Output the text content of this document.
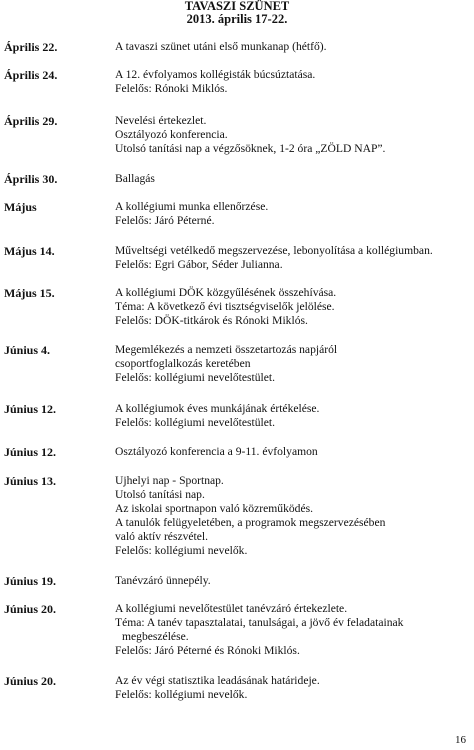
TAVASZI SZÜNET
2013. április 17-22.
Április 22.	A tavaszi szünet utáni első munkanap (hétfő).
Április 24.	A 12. évfolyamos kollégisták búcsúztatása.
Felelős: Rónoki Miklós.
Április 29.	Nevelési értekezlet.
Osztályozó konferencia.
Utolsó tanítási nap a végzősöknek, 1-2 óra „ZÖLD NAP”.
Április 30.	Ballagás
Május	A kollégiumi munka ellenőrzése.
Felelős: Járó Péterné.
Május 14.	Műveltségi vetélkedő megszervezése, lebonyolítása a kollégiumban.
Felelős: Egri Gábor, Séder Julianna.
Május 15.	A kollégiumi DÖK közgyűlésének összehívása.
Téma: A következő évi tisztségviselők jelölése.
Felelős: DÖK-titkárok és Rónoki Miklós.
Június 4.	Megemlékezés a nemzeti összetartozás napjáról
csoportfoglalkozás keretében
Felelős: kollégiumi nevelőtestület.
Június 12.	A kollégiumok éves munkájának értékelése.
Felelős: kollégiumi nevelőtestület.
Június 12.	Osztályozó konferencia a 9-11. évfolyamon
Június 13.	Ujhelyi nap - Sportnap.
Utolsó tanítási nap.
Az iskolai sportnapon való közreműködés.
A tanulók felügyeletében, a programok megszervezésében
való aktív részvétel.
Felelős: kollégiumi nevelők.
Június 19.	Tanévzáró ünnepély.
Június 20.	A kollégiumi nevelőtestület tanévzáró értekezlete.
Téma: A tanév tapasztalatai, tanulságai, a jövő év feladatainak
megbeszélése.
Felelős: Járó Péterné és Rónoki Miklós.
Június 20.	Az év végi statisztika leadásának határideje.
Felelős: kollégiumi nevelők.
16
